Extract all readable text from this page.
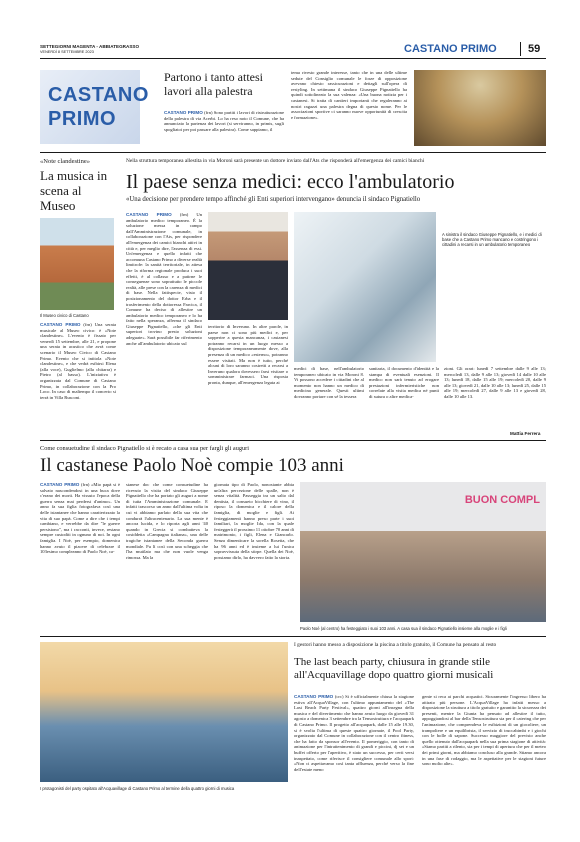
SETTEGIORNI MAGENTA - ABBIATEGRASSO
VENERDÌ 8 SETTEMBRE 2023	CASTANO PRIMO	59
CASTANO
PRIMO
Partono i tanto attesi lavori alla palestra

CASTANO PRIMO (frn) Sono partiti i lavori di ristrutturazione della palestra di via Acerbi. Lo ha reso noto il Comune, che ha annunciato la partenza dei lavori (si serviranno, in primis, sugli spogliatoi per poi passare alla palestra). Come sappiamo, il

tema rivesto grande interesse, tanto che in una delle ultime sedute del Consiglio comunale le forze di opposizione avevano chiesto rassicurazioni e dettagli sull'opera di restyling. In settimana il sindaco Giuseppe Pignatiello ha quindi sottolineato la sua valenza: «Una buona notizia per i castanesi. Si tratta di cantieri importanti che regaleranno ai nostri ragazzi una palestra degna di questo nome. Per le associazioni sportive ci saranno nuove opportunità di crescita e formazione».

«Note clandestine»
La musica in scena al Museo
Il Museo civico di Castano

CASTANO PRIMO (frn) Una serata musicale al Museo civico: è «Note clandestine». L'evento è fissato per venerdì 15 settembre, alle 21, e propone una serata in acustico che avrà come scenario il Museo Civico di Castano Primo. Evento che si intitola «Note clandestine», e che vedrà esibirsi Elena (alla voce), Guglielmo (alla chitarra) e Pietro (al basso). L'iniziativa è organizzata dal Comune di Castano Primo, in collaborazione con la Pro Loco. In caso di maltempo il concerto si terrà in Villa Rusconi.

Nella struttura temporanea allestita in via Moroni sarà presente un dottore inviato dall'Ats che risponderà all'emergenza dei camici bianchi
Il paese senza medici: ecco l'ambulatorio
«Una decisione per prendere tempo affinché gli Enti superiori intervengano» denuncia il sindaco Pignatiello

CASTANO PRIMO (frn) Un ambulatorio medico temporaneo. È la soluzione messa in campo dall'Amministrazione comunale, in collaborazione con l'Ats, per rispondere all'emergenza dei camici bianchi attivi in città e, per meglio dire, l'assenza di essi. Un'emergenza e quello infatti che accomuna Castano Primo a diverse realtà limitrofe: la sanità territoriale, in attesa che la riforma regionale produca i suoi effetti, è al collasso e a patirne le conseguenze sono soprattutto le piccole realtà, alle prese con la carenza di medici di base. Nella fattispecie, visto il posizionamento del dottor Erba e il trasferimento della dottoressa Farcica, il Comune ha deciso di allestire un ambulatorio medico temporaneo e lo ha fatto nella speranza, afferma il sindaco Giuseppe Pignatiello, «che gli Enti superiori trovino presto soluzioni adeguate». Sarà possibile far riferimento anche all'ambulatorio ubicato sul

territorio di Inveruno. In altre parole, in paese non ci sono più medici e, per sopperire a questa mancanza, i castanesi potranno recarsi in un luogo messo a disposizione temporaneamente dove, alla presenza di un medico «esterno», potranno essere visitati. Ma non è tutto, perché alcuni di loro saranno costretti a recarsi a Inveruno qualora dovessero farsi visitare o somministrare farmaci. Una risposta pronta, dunque, all'emergenza legata ai

A sinistra il sindaco Giuseppe Pignatiello, e i medici di base che a Castano Primo mancano e costringono i cittadini a recarsi in un ambulatorio temporaneo

medici di base, nell'ambulatorio temporaneo ubicato in via Moroni 8. Vi possono accedere i cittadini che al momento non hanno un medico di medicina generale. Questi ultimi dovranno portare con sé la tessera

sanitaria, il documento d'identità e la stampa di eventuali esenzioni. Il medico non sarà tenuto ad erogare prestazioni infermieristiche non correlate alla visita medica né punti di sutura o altre medica-

zioni. Gli orari: lunedì 7 settembre dalle 9 alle 13; mercoledì 13, dalle 9 alle 13; giovedì 14 dalle 10 alle 13; lunedì 18, dalle 15 alle 19; mercoledì 20, dalle 9 alle 13; giovedì 21, dalle 10 alle 13; lunedì 25, dalle 15 alle 19; mercoledì 27, dalle 9 alle 13 e giovedì 28, dalle 10 alle 13.

Mattia Ferrera
Come consuetudine il sindaco Pignatiello si è recato a casa sua per fargli gli auguri
Il castanese Paolo Noè compie 103 anni

CASTANO PRIMO (frn) «Mio papà si è salvato nascondendosi in una buca dove c'erano dei morti. Ha vissuto l'epoca della guerra senza mai perdersi d'animo». Un anno fa sua figlia fotografava così una delle istantanee che hanno caratterizzato la vita di suo papà. Come a dire che i tempi cambiano, e verrebbe da dire "le guerre persistono", ma i racconti, invece, restano sempre custoditi in ognuno di noi. In ogni famiglia. I Noè, per esempio, domenica hanno avuto il piacere di celebrare il 103esimo compleanno di Paolo Noè, ca-

stanese doc che come consuetudine ha ricevuto la visita del sindaco Giuseppe Pignatiello che ha portato gli auguri a nome di tutta l'Amministrazione comunale. E infatti trascorso un anno dall'ultima volta in cui vi abbiamo parlato della sua vita che condurrà l'ultracentenario. La sua mente è ancora lucida, e lo riporta agli anni '40 quando in Grecia si combatteva la cosiddetta «Campagna italiana», una delle tragiche istantanee della Seconda guerra mondiale. Fu lì così con una scheggia che l'ha mutilato ma che non vuole venga rimossa. Ma la

giornata tipo di Paolo, nonostante abbia un'altra percezione delle spalle, non è senza vitalità. Passeggia tra un salto dal dentista, il consueto bicchiere di vino, il riposo la domenica e il calore della famiglia, di moglie e figli. Ai festeggiamenti hanno preso parte i suoi familiari, la moglie Ida, con la quale festeggerà il prossimo 11 ottobre 70 anni di matrimonio, i figli, Elena e Giancarlo. Senza dimenticare la sorella Rosetta, che ha 96 anni ed è insieme a lui l'unica sopravvissuta della stirpe. Quella dei Noè, possiamo dirlo, ha davvero fatto la storia.

BUON COMPL
Paolo Noè (al centro) ha festeggiato i suoi 103 anni. A casa sua il sindaco Pignatiello insieme alla moglie e i figli
I protagonisti del party ospitato all'Acquavillage di Castano Primo al termine della quattro giorni di musica
I gestori hanno messo a disposizione la piscina a titolo gratuito, il Comune ha pensato al resto
The last beach party, chiusura in grande stile all'Acquavillage dopo quattro giorni musicali

CASTANO PRIMO (crc) Si è ufficialmente chiusa la stagione estiva all'AcquaVillage, con l'ultimo appuntamento del «The Last Beach Party Festival», quattro giorni all'insegna della musica e del divertimento che hanno avuto luogo da giovedì 31 agosto a domenica 3 settembre tra la Tensostruttura e l'acquapark di Castano Primo. Il progetto all'acquapark, dalle 15 alle 19.30, si è svolta l'ultima di queste quattro giornate, il Pool Party, organizzato dal Comune in collaborazione con il centro fitness, che ha fatto da sponsor all'evento. Il pomeriggio, con tanto di animazione per l'intrattenimento di grandi e piccini, dj set e un buffet offerto per l'aperitivo, è stato un successo, per certi versi inaspettato, come riferisce il consigliere comunale allo sport: «Non ci aspettavamo così tanta affluenza, perché verso la fine dell'estate meno

gente si reca ai parchi acquatici. Sicuramente l'ingresso libero ha attirato più persone. L'AcquaVillage ha infatti messo a disposizione la struttura a titolo gratuito e garantito la sicurezza dei presenti, mentre la Giunta ha pensato ad allestire il tutto, appoggiandosi al bar della Tensostruttura sia per il catering che per l'animazione, che comprendeva le esibizioni di un giocoliere, un trampoliere e un equilibrista, il servizio di truccabimbi e i giochi con le bolle di sapone. Successo maggiore del previsto anche quello ottenuto dall'acquapark nella sua prima stagione di attività: «Siamo partiti a rilento, sia per i tempi di apertura che per il meteo dei primi giorni, ma abbiamo concluso alla grande. Stiamo ancora in una fase di rodaggio, ma le aspettative per le stagioni future sono molto alte».
